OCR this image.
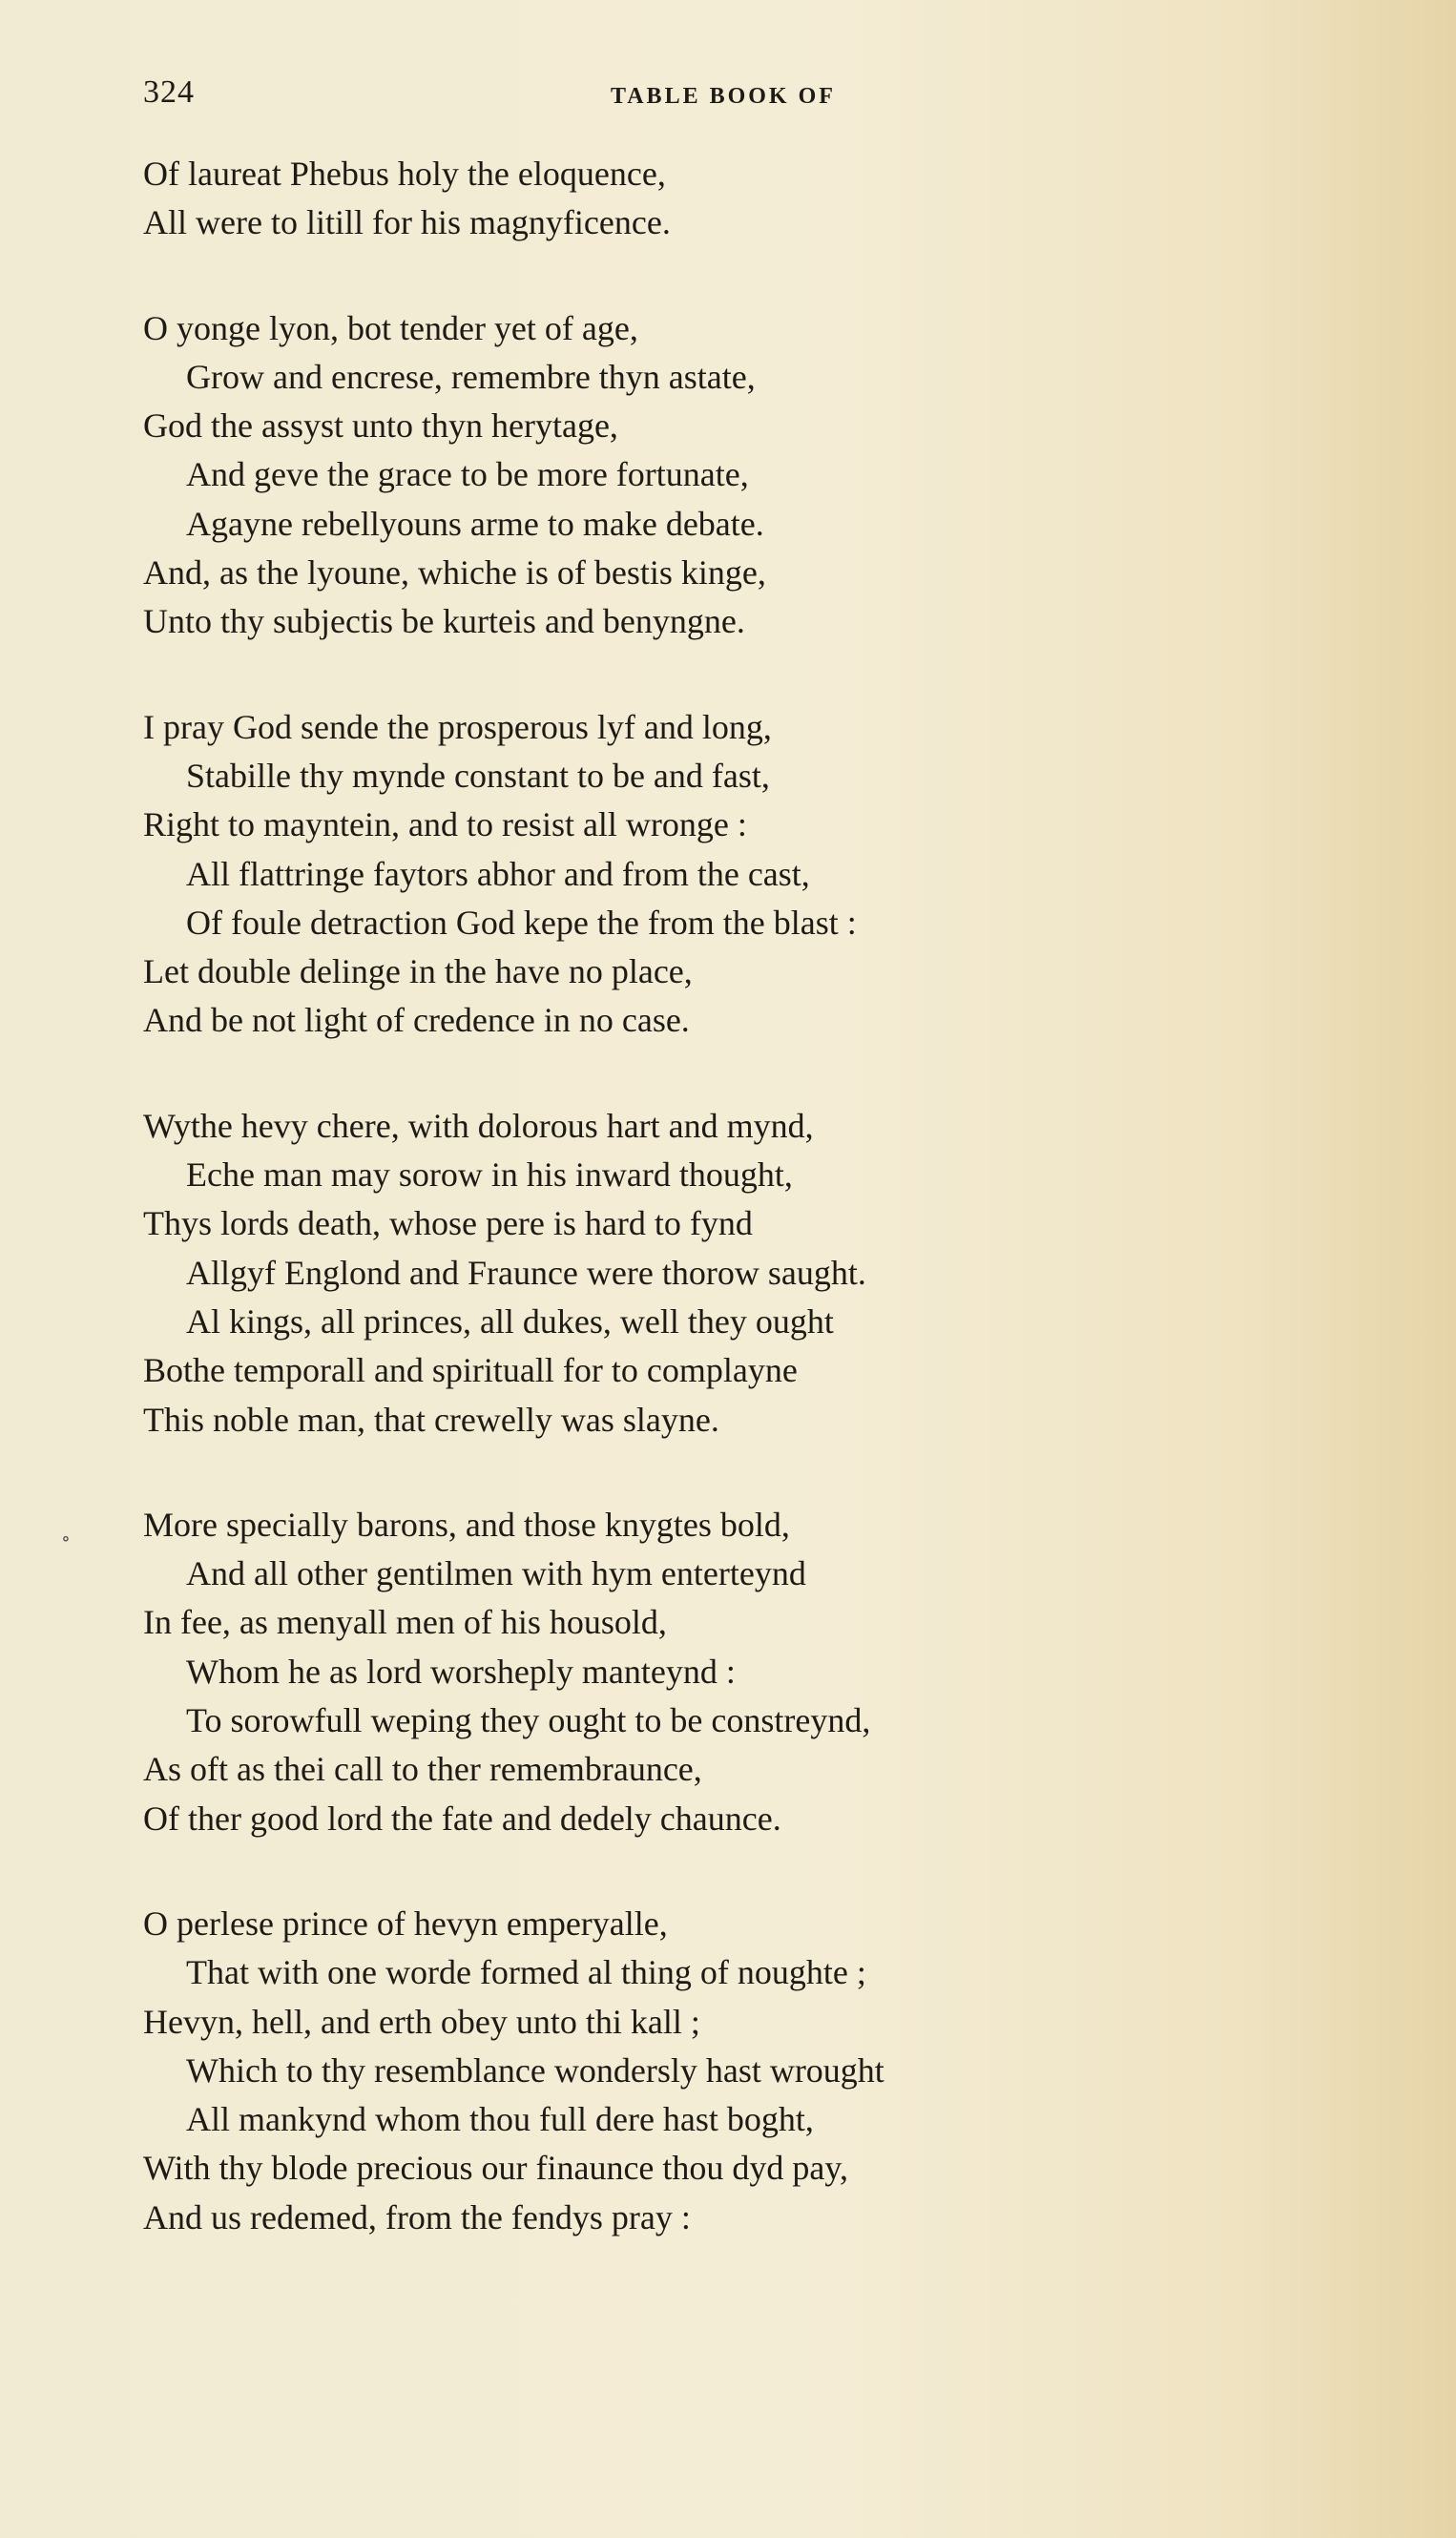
324	TABLE BOOK OF
∘
Of laureat Phebus holy the eloquence,
All were to litill for his magnyficence.
O yonge lyon, bot tender yet of age,
Grow and encrese, remembre thyn astate,
God the assyst unto thyn herytage,
And geve the grace to be more fortunate,
Agayne rebellyouns arme to make debate.
And, as the lyoune, whiche is of bestis kinge,
Unto thy subjectis be kurteis and benyngne.
I pray God sende the prosperous lyf and long,
Stabille thy mynde constant to be and fast,
Right to mayntein, and to resist all wronge :
All flattringe faytors abhor and from the cast,
Of foule detraction God kepe the from the blast :
Let double delinge in the have no place,
And be not light of credence in no case.
Wythe hevy chere, with dolorous hart and mynd,
Eche man may sorow in his inward thought,
Thys lords death, whose pere is hard to fynd
Allgyf Englond and Fraunce were thorow saught.
Al kings, all princes, all dukes, well they ought
Bothe temporall and spirituall for to complayne
This noble man, that crewelly was slayne.
More specially barons, and those knygtes bold,
And all other gentilmen with hym enterteynd
In fee, as menyall men of his housold,
Whom he as lord worsheply manteynd :
To sorowfull weping they ought to be constreynd,
As oft as thei call to ther remembraunce,
Of ther good lord the fate and dedely chaunce.
O perlese prince of hevyn emperyalle,
That with one worde formed al thing of noughte ;
Hevyn, hell, and erth obey unto thi kall ;
Which to thy resemblance wondersly hast wrought
All mankynd whom thou full dere hast boght,
With thy blode precious our finaunce thou dyd pay,
And us redemed, from the fendys pray :
